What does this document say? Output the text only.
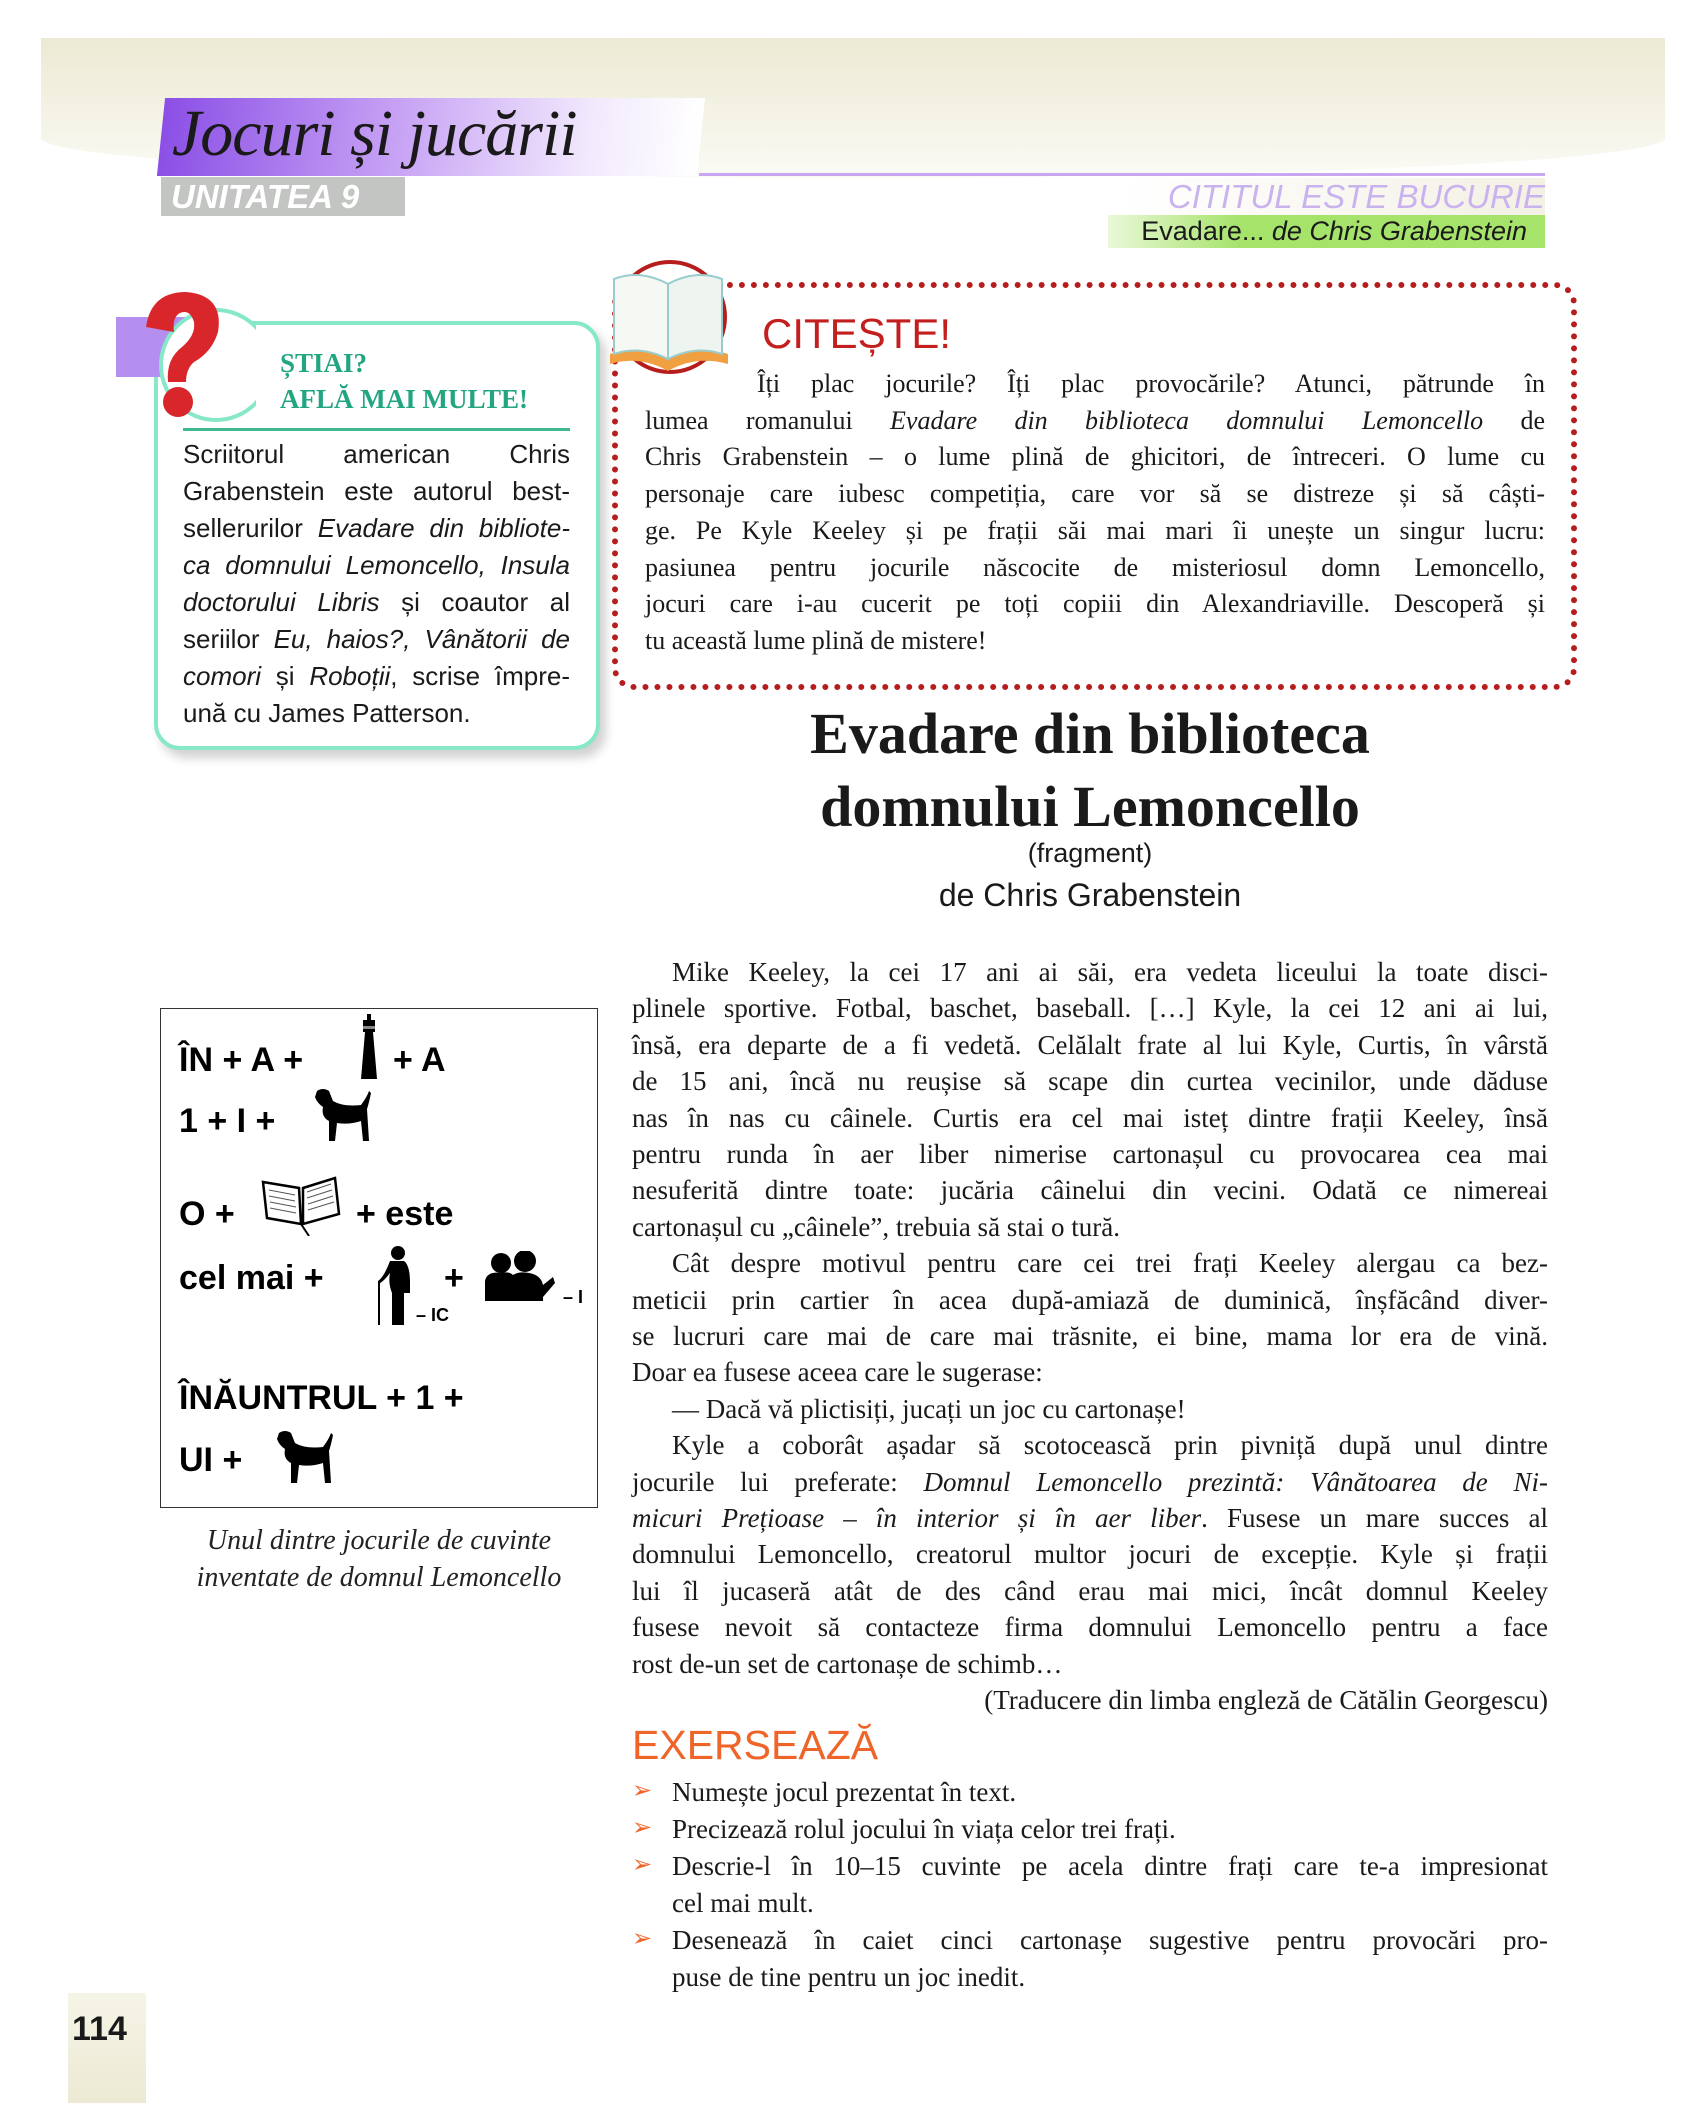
Jocuri și jucării
UNITATEA 9	CITITUL ESTE BUCURIE
Evadare... de Chris Grabenstein
ȘTIAI?
AFLĂ MAI MULTE!
Scriitorul american Chris
Grabenstein este autorul best-
sellerurilor Evadare din bibliote-
ca domnului Lemoncello, Insula
doctorului Libris și coautor al
seriilor Eu, haios?, Vânătorii de
comori și Roboții, scrise împre-
ună cu James Patterson.
CITEȘTE!
Îți plac jocurile? Îți plac provocările? Atunci, pătrunde în
lumea romanului Evadare din biblioteca domnului Lemoncello de
Chris Grabenstein – o lume plină de ghicitori, de întreceri. O lume cu
personaje care iubesc competiția, care vor să se distreze și să câști-
ge. Pe Kyle Keeley și pe frații săi mai mari îi unește un singur lucru:
pasiunea pentru jocurile născocite de misteriosul domn Lemoncello,
jocuri care i-au cucerit pe toți copiii din Alexandriaville. Descoperă și
tu această lume plină de mistere!
Evadare din biblioteca
domnului Lemoncello
(fragment)
de Chris Grabenstein
Mike Keeley, la cei 17 ani ai săi, era vedeta liceului la toate disci-
plinele sportive. Fotbal, baschet, baseball. […] Kyle, la cei 12 ani ai lui,
însă, era departe de a fi vedetă. Celălalt frate al lui Kyle, Curtis, în vârstă
de 15 ani, încă nu reușise să scape din curtea vecinilor, unde dăduse
nas în nas cu câinele. Curtis era cel mai isteț dintre frații Keeley, însă
pentru runda în aer liber nimerise cartonașul cu provocarea cea mai
nesuferită dintre toate: jucăria câinelui din vecini. Odată ce nimereai
cartonașul cu „câinele”, trebuia să stai o tură.
Cât despre motivul pentru care cei trei frați Keeley alergau ca bez-
meticii prin cartier în acea după-amiază de duminică, înșfăcând diver-
se lucruri care mai de care mai trăsnite, ei bine, mama lor era de vină.
Doar ea fusese aceea care le sugerase:
— Dacă vă plictisiți, jucați un joc cu cartonașe!
Kyle a coborât așadar să scotocească prin pivniță după unul dintre
jocurile lui preferate: Domnul Lemoncello prezintă: Vânătoarea de Ni-
micuri Prețioase – în interior și în aer liber. Fusese un mare succes al
domnului Lemoncello, creatorul multor jocuri de excepție. Kyle și frații
lui îl jucaseră atât de des când erau mai mici, încât domnul Keeley
fusese nevoit să contacteze firma domnului Lemoncello pentru a face
rost de-un set de cartonașe de schimb…
(Traducere din limba engleză de Cătălin Georgescu)
ÎN + A +	+ A
1 + I +
O +	+ este
cel mai +
– IC
+	– I
ÎNĂUNTRUL + 1 +
UI +
Unul dintre jocurile de cuvinte
inventate de domnul Lemoncello
EXERSEAZĂ
➢ Numește jocul prezentat în text.
➢ Precizează rolul jocului în viața celor trei frați.
➢ Descrie-l în 10–15 cuvinte pe acela dintre frați care te-a impresionat
cel mai mult.
➢ Desenează în caiet cinci cartonașe sugestive pentru provocări pro-
puse de tine pentru un joc inedit.
114
